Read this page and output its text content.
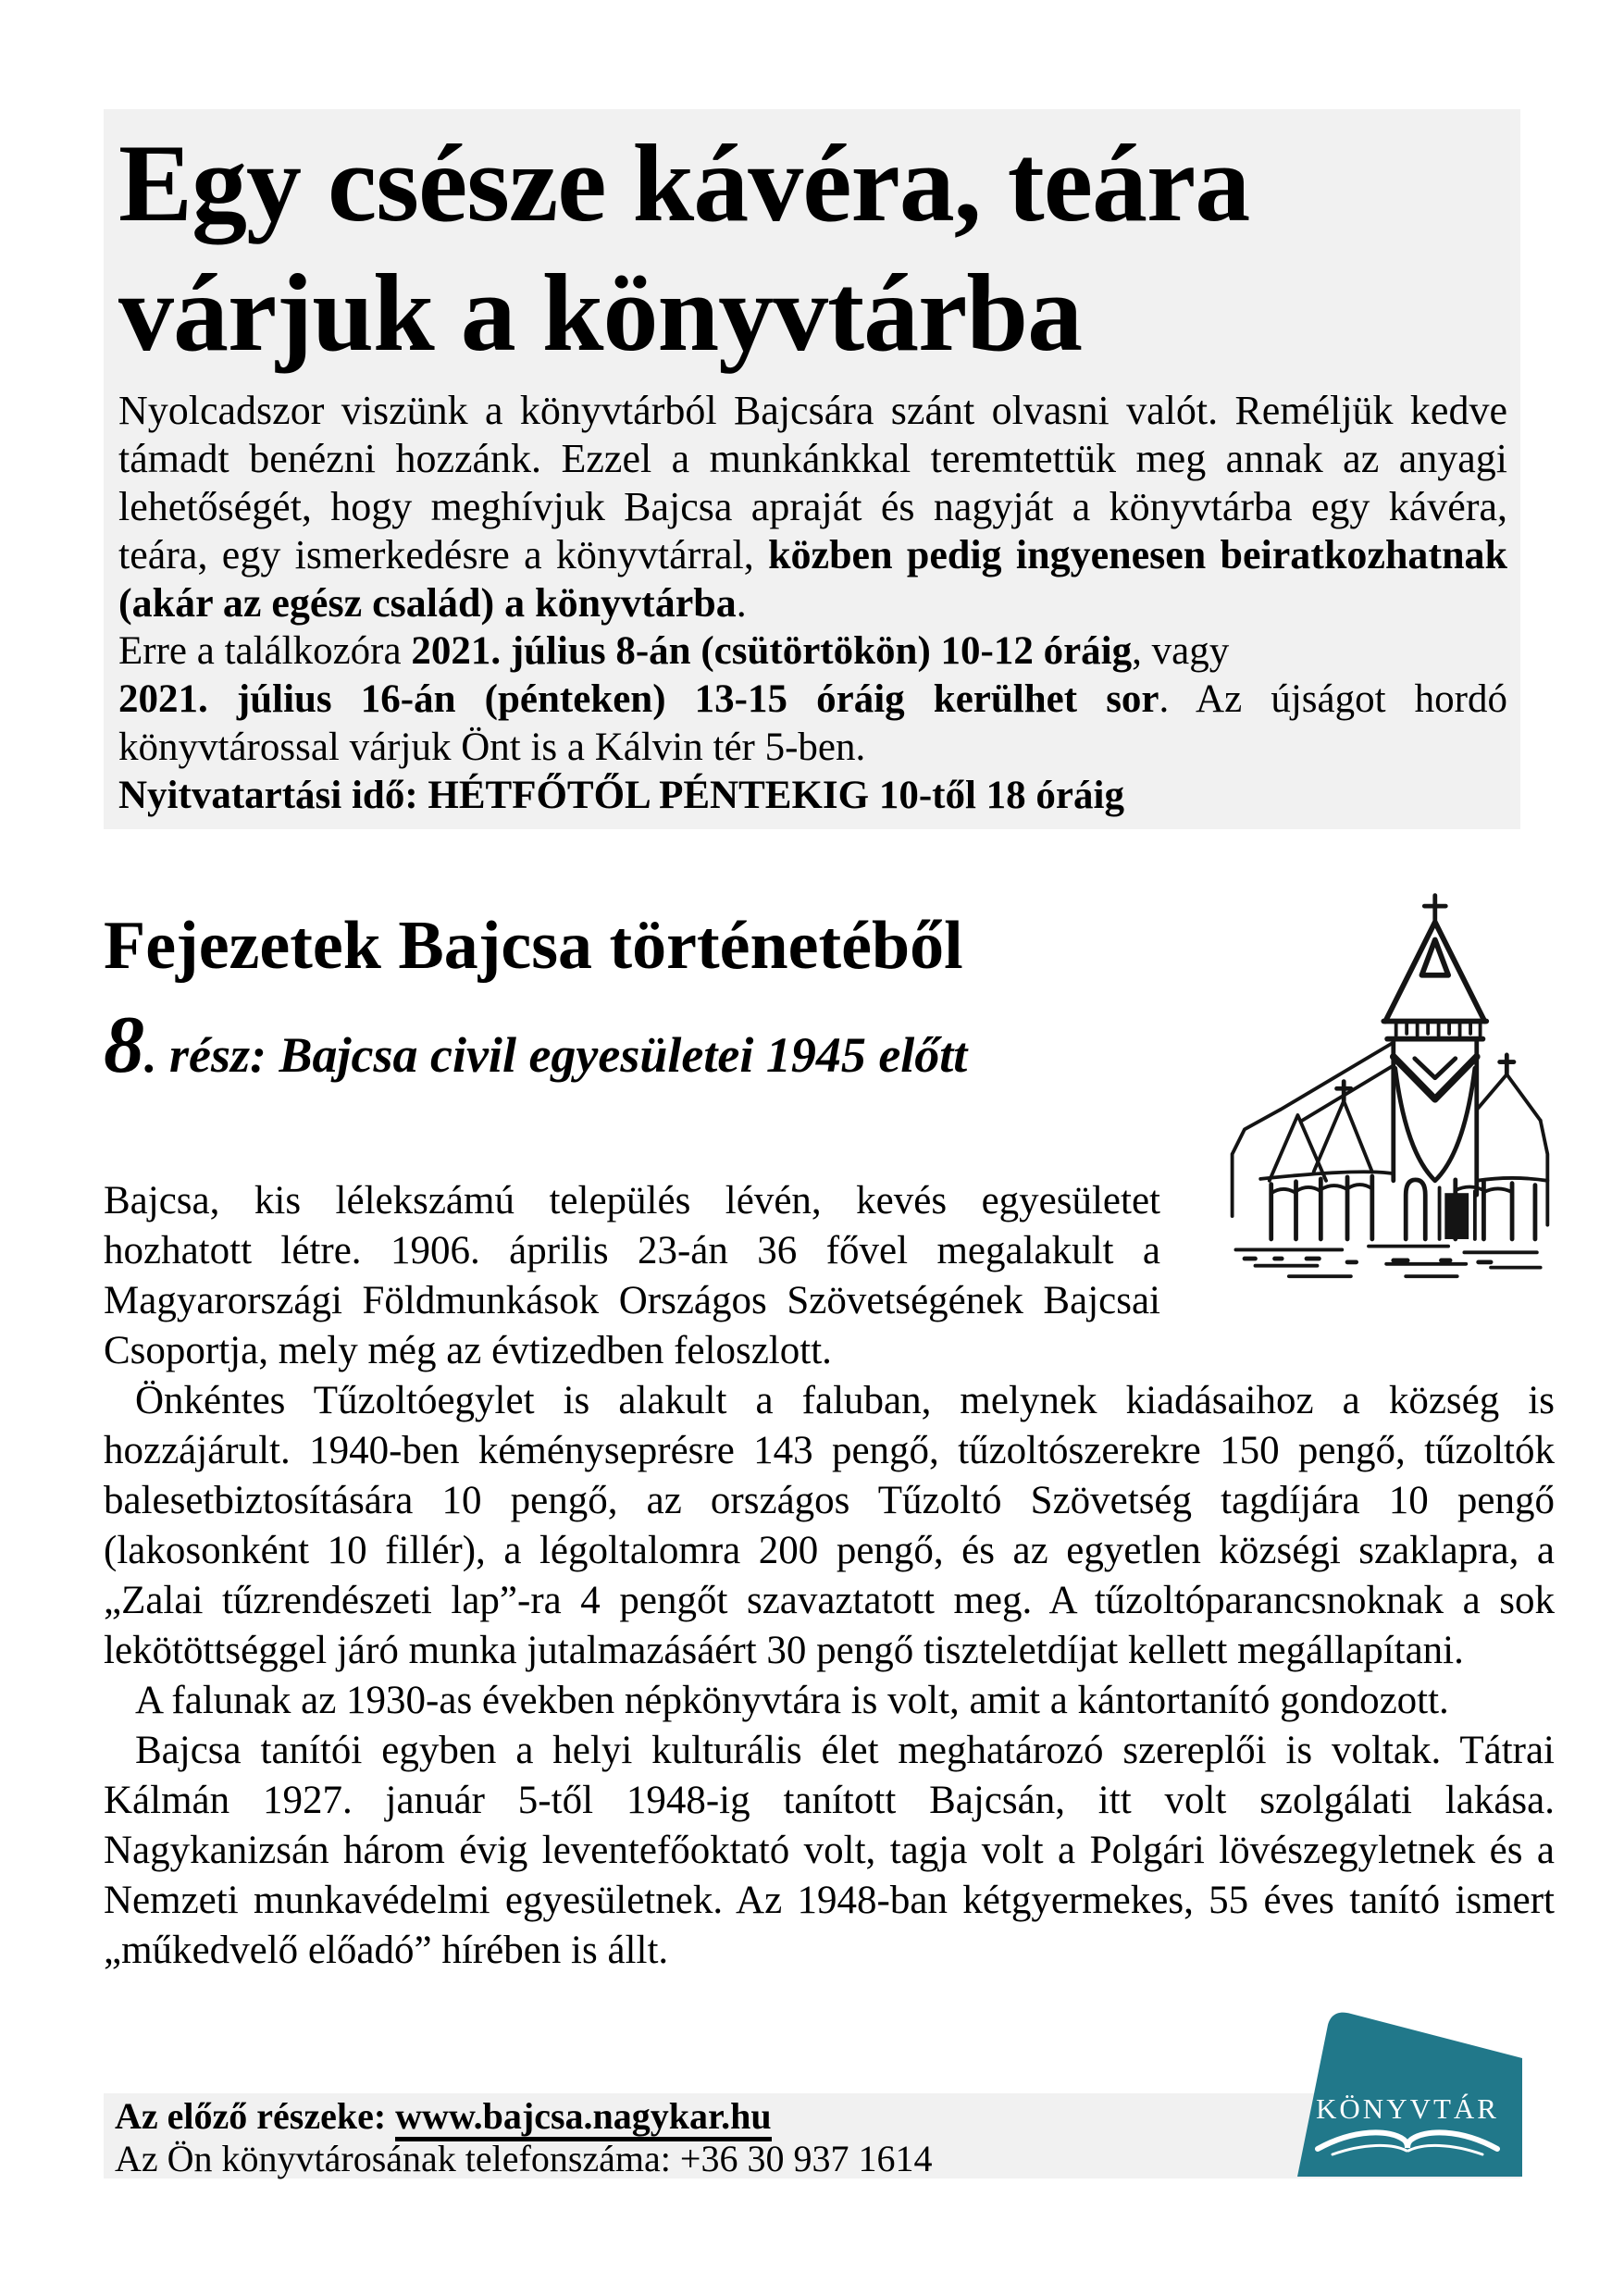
Egy csésze kávéra, teára
várjuk a könyvtárba

Nyolcadszor viszünk a könyvtárból Bajcsára szánt olvasni valót. Reméljük kedve támadt benézni hozzánk. Ezzel a munkánkkal teremtettük meg annak az anyagi lehetőségét, hogy meghívjuk Bajcsa apraját és nagyját a könyvtárba egy kávéra, teára, egy ismerkedésre a könyvtárral, közben pedig ingyenesen beiratkozhatnak (akár az egész család) a könyvtárba.

Erre a találkozóra 2021. július 8-án (csütörtökön) 10-12 óráig, vagy
2021. július 16-án (pénteken) 13-15 óráig kerülhet sor. Az újságot hordó könyvtárossal várjuk Önt is a Kálvin tér 5-ben.
Nyitvatartási idő: HÉTFŐTŐL PÉNTEKIG 10-től 18 óráig

Fejezetek Bajcsa történetéből

8. rész: Bajcsa civil egyesületei 1945 előtt

Bajcsa, kis lélekszámú település lévén, kevés egyesületet hozhatott létre. 1906. április 23-án 36 fővel megalakult a Magyarországi Földmunkások Országos Szövetségének Bajcsai Csoportja, mely még az évtizedben feloszlott.

Önkéntes Tűzoltóegylet is alakult a faluban, melynek kiadásaihoz a község is hozzájárult. 1940-ben kéményseprésre 143 pengő, tűzoltószerekre 150 pengő, tűzoltók balesetbiztosítására 10 pengő, az országos Tűzoltó Szövetség tagdíjára 10 pengő (lakosonként 10 fillér), a légoltalomra 200 pengő, és az egyetlen községi szaklapra, a „Zalai tűzrendészeti lap”-ra 4 pengőt szavaztatott meg. A tűzoltóparancsnoknak a sok lekötöttséggel járó munka jutalmazásáért 30 pengő tiszteletdíjat kellett megállapítani.

A falunak az 1930-as években népkönyvtára is volt, amit a kántortanító gondozott.

Bajcsa tanítói egyben a helyi kulturális élet meghatározó szereplői is voltak. Tátrai Kálmán 1927. január 5-től 1948-ig tanított Bajcsán, itt volt szolgálati lakása. Nagykanizsán három évig leventefőoktató volt, tagja volt a Polgári lövészegyletnek és a Nemzeti munkavédelmi egyesületnek. Az 1948-ban kétgyermekes, 55 éves tanító ismert „műkedvelő előadó” hírében is állt.

Az előző részeke: www.bajcsa.nagykar.hu

Az Ön könyvtárosának telefonszáma: +36 30 937 1614

KÖNYVTÁR
